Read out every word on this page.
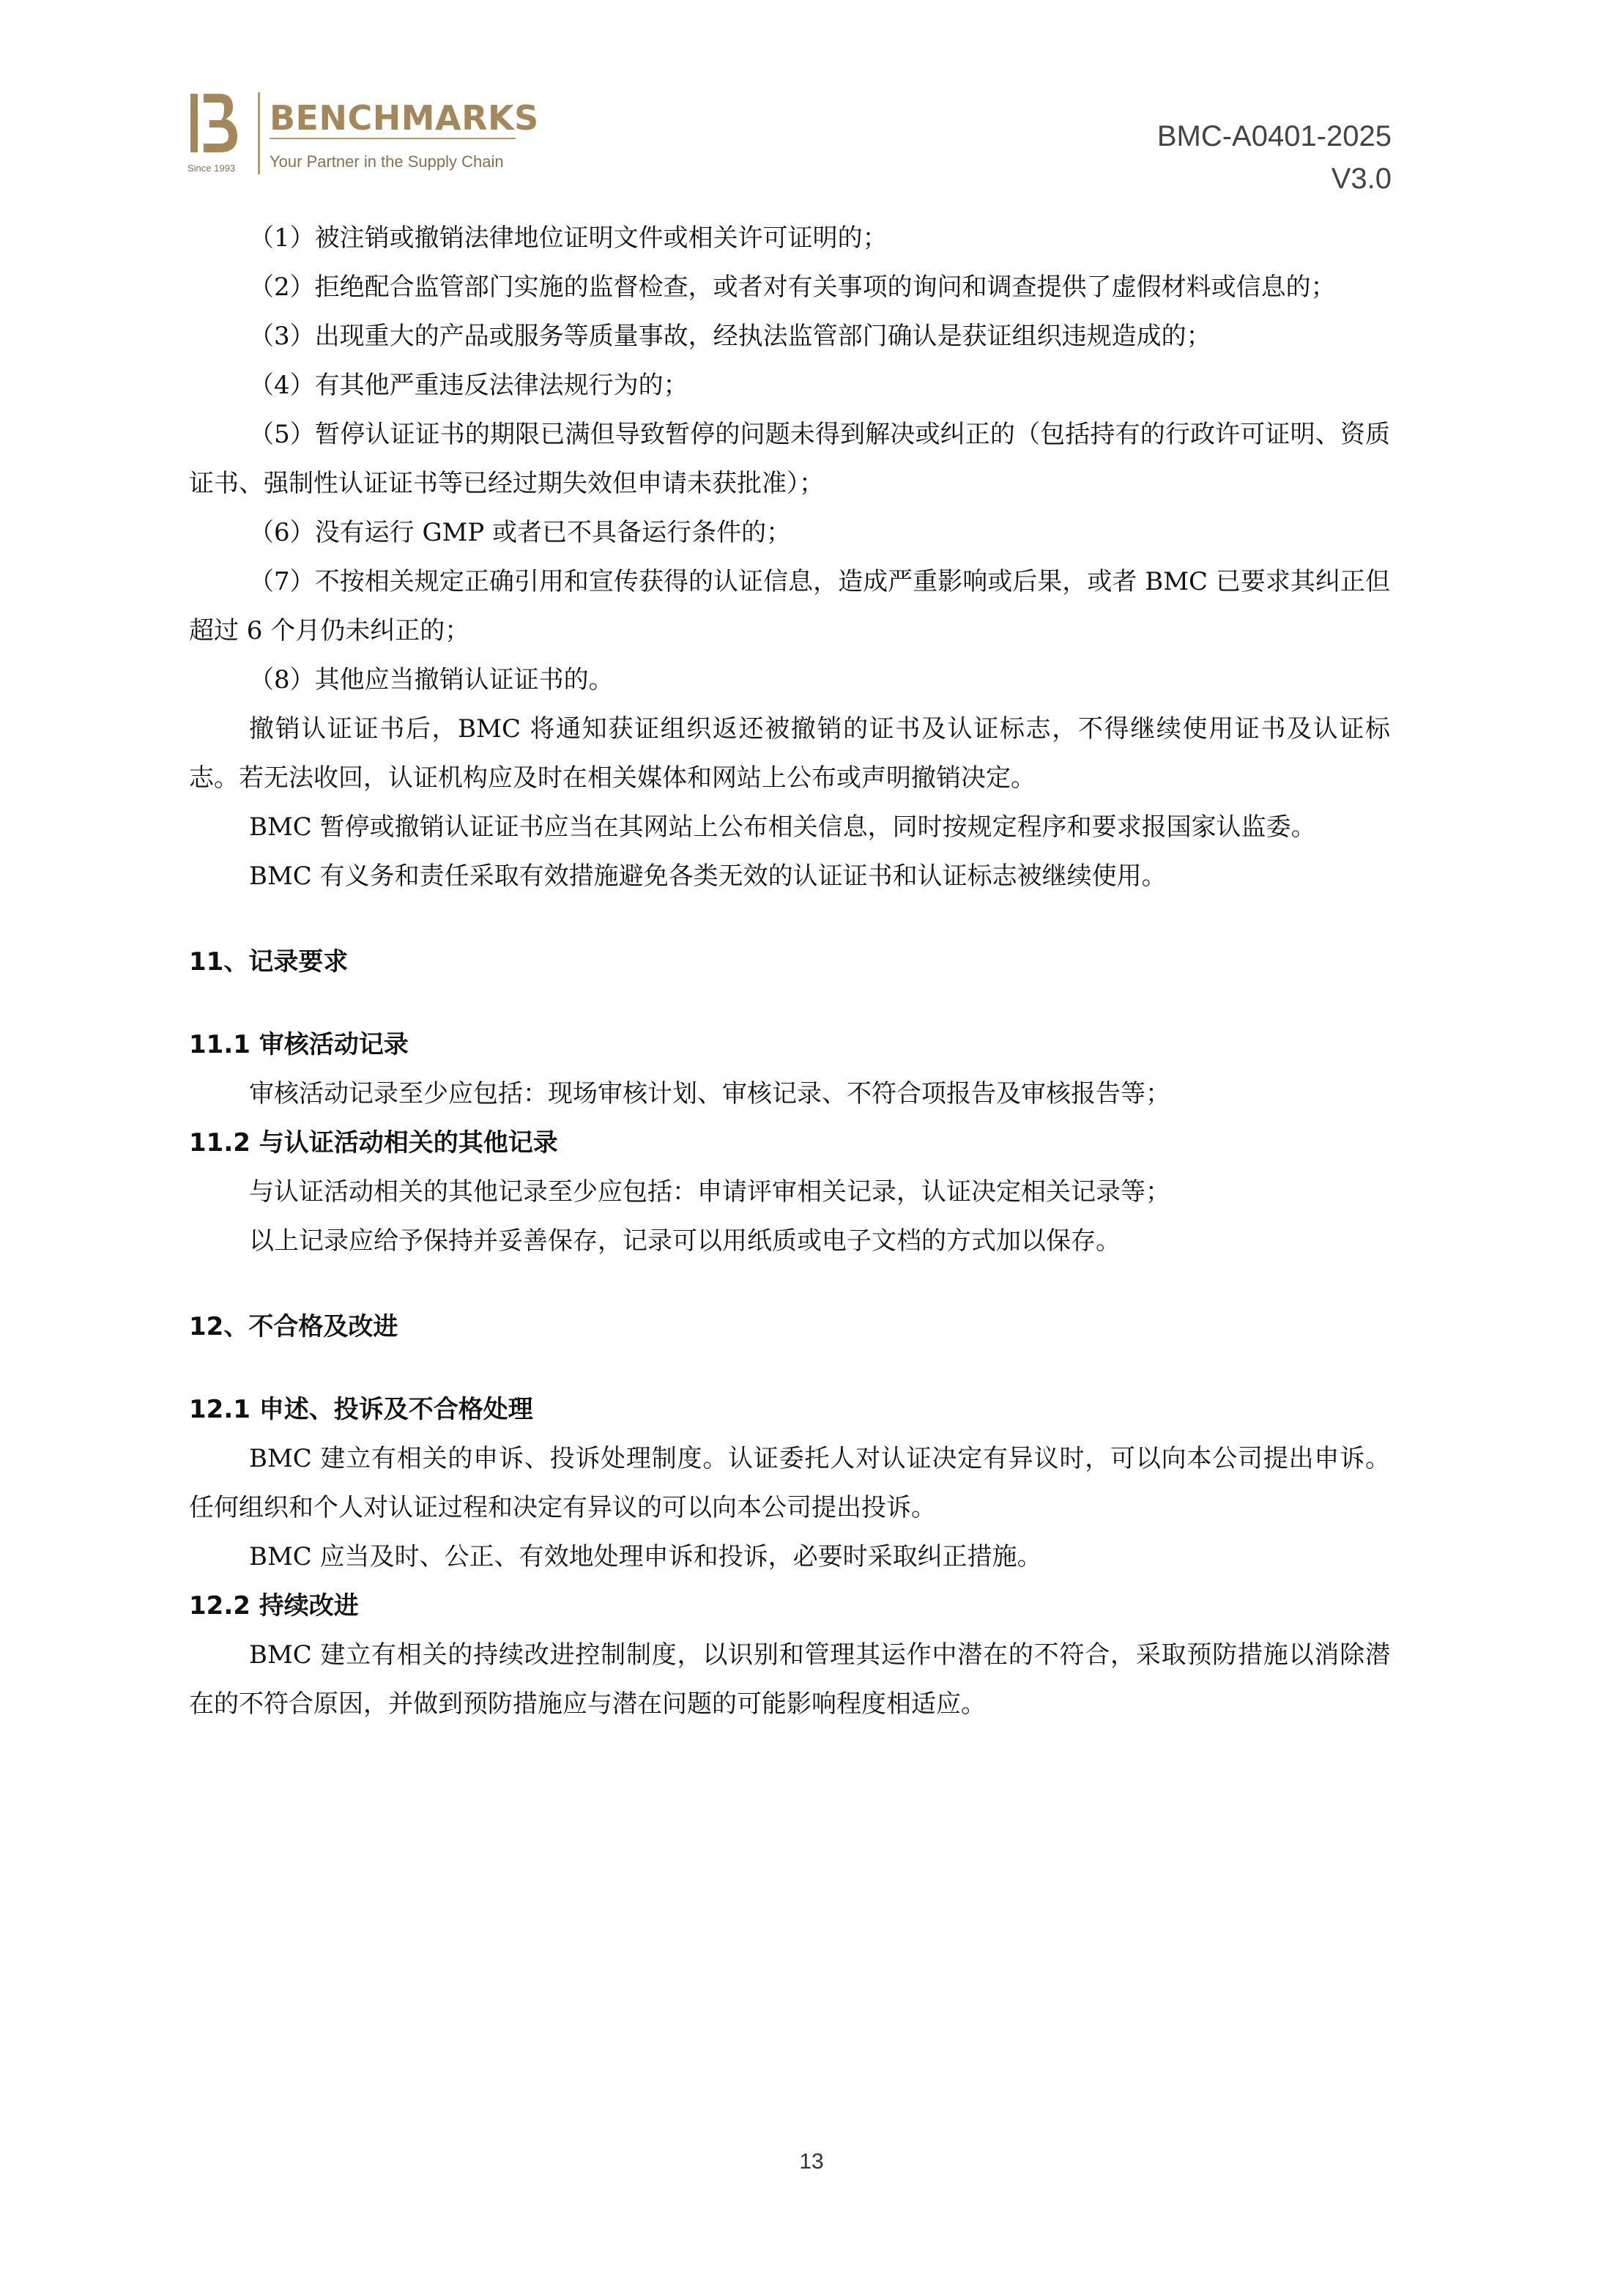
Since 1993
BENCHMARKS
Your Partner in the Supply Chain
BMC-A0401-2025
V3.0

（1）被注销或撤销法律地位证明文件或相关许可证明的；

（2）拒绝配合监管部门实施的监督检查，或者对有关事项的询问和调查提供了虚假材料或信息的；

（3）出现重大的产品或服务等质量事故，经执法监管部门确认是获证组织违规造成的；

（4）有其他严重违反法律法规行为的；

（5）暂停认证证书的期限已满但导致暂停的问题未得到解决或纠正的（包括持有的行政许可证明、资质证书、强制性认证证书等已经过期失效但申请未获批准）；

（6）没有运行 GMP 或者已不具备运行条件的；

（7）不按相关规定正确引用和宣传获得的认证信息，造成严重影响或后果，或者 BMC 已要求其纠正但超过 6 个月仍未纠正的；

（8）其他应当撤销认证证书的。

撤销认证证书后，BMC 将通知获证组织返还被撤销的证书及认证标志，不得继续使用证书及认证标志。若无法收回，认证机构应及时在相关媒体和网站上公布或声明撤销决定。

BMC 暂停或撤销认证证书应当在其网站上公布相关信息，同时按规定程序和要求报国家认监委。

BMC 有义务和责任采取有效措施避免各类无效的认证证书和认证标志被继续使用。

11、记录要求
11.1 审核活动记录

审核活动记录至少应包括：现场审核计划、审核记录、不符合项报告及审核报告等；

11.2 与认证活动相关的其他记录

与认证活动相关的其他记录至少应包括：申请评审相关记录，认证决定相关记录等；

以上记录应给予保持并妥善保存，记录可以用纸质或电子文档的方式加以保存。

12、不合格及改进
12.1 申述、投诉及不合格处理

BMC 建立有相关的申诉、投诉处理制度。认证委托人对认证决定有异议时，可以向本公司提出申诉。任何组织和个人对认证过程和决定有异议的可以向本公司提出投诉。

BMC 应当及时、公正、有效地处理申诉和投诉，必要时采取纠正措施。

12.2 持续改进

BMC 建立有相关的持续改进控制制度，以识别和管理其运作中潜在的不符合，采取预防措施以消除潜在的不符合原因，并做到预防措施应与潜在问题的可能影响程度相适应。

13
